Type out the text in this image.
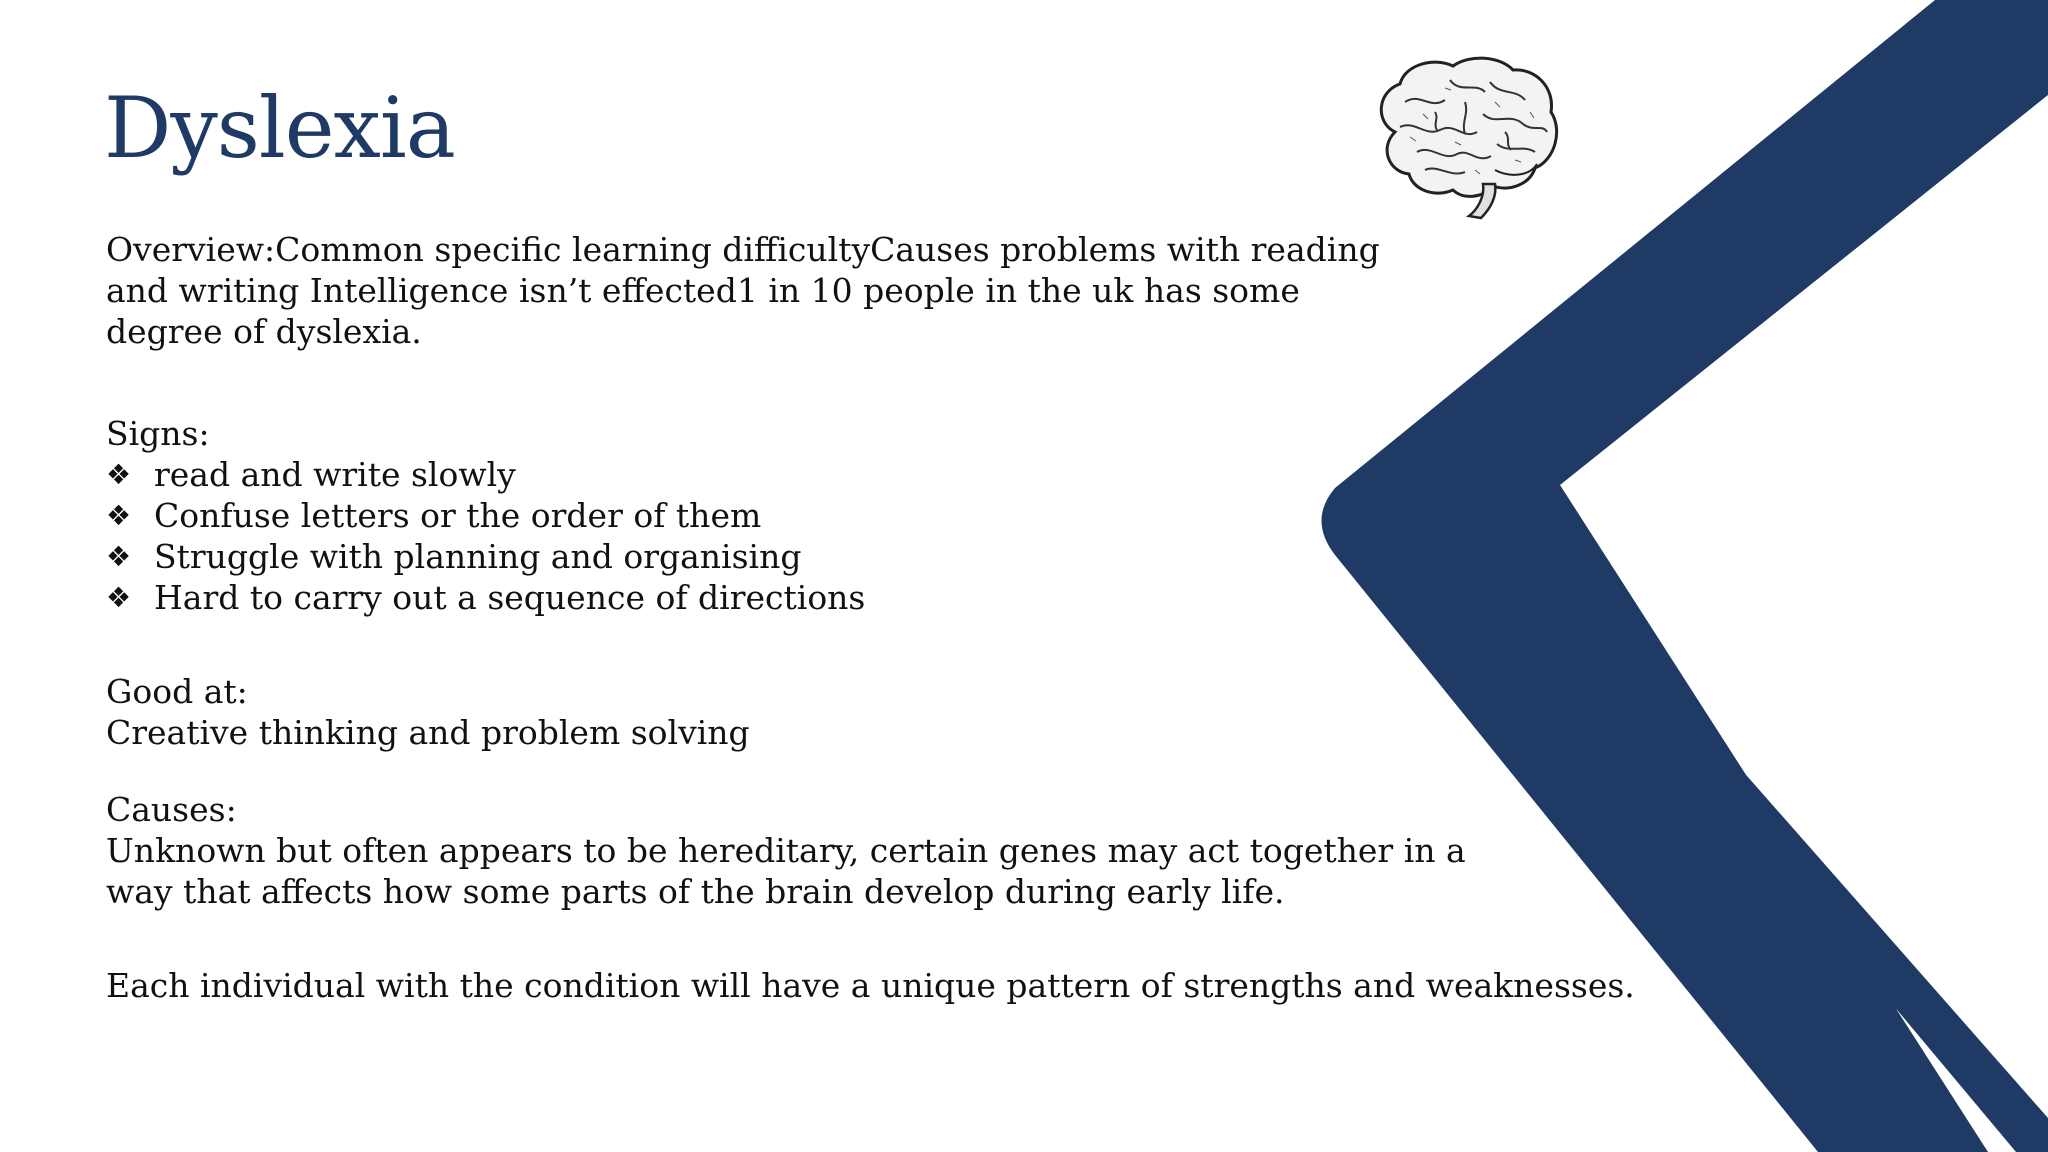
Dyslexia

Overview:Common specific learning difficultyCauses problems with reading and writing Intelligence isn’t effected1 in 10 people in the uk has some degree of dyslexia.

Signs:

❖ read and write slowly
❖ Confuse letters or the order of them
❖ Struggle with planning and organising
❖ Hard to carry out a sequence of directions

Good at:

Creative thinking and problem solving

Causes:

Unknown but often appears to be hereditary, certain genes may act together in a way that affects how some parts of the brain develop during early life.

Each individual with the condition will have a unique pattern of strengths and weaknesses.
